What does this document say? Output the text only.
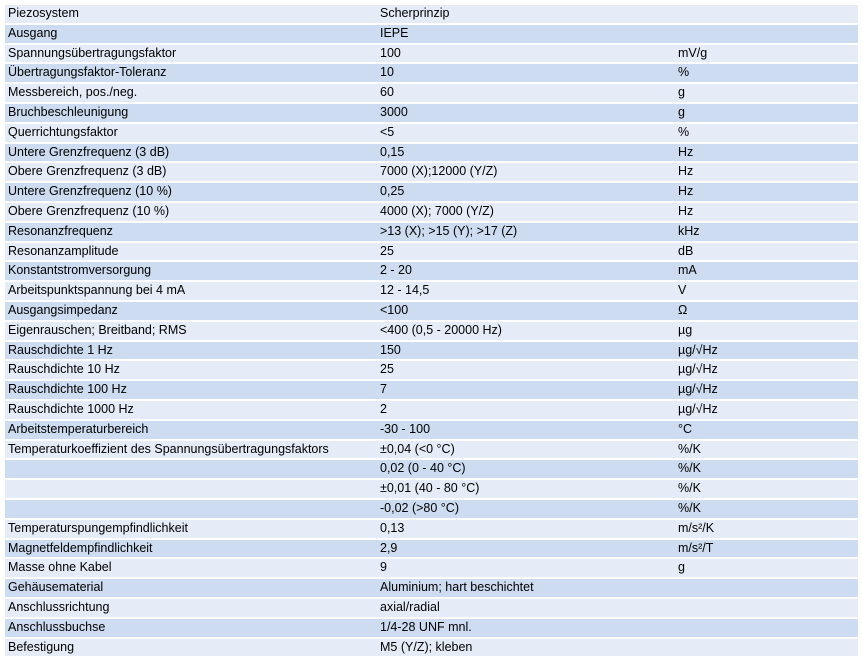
Piezosystem	Scherprinzip	
Ausgang	IEPE	
Spannungsübertragungsfaktor	100	mV/g
Übertragungsfaktor-Toleranz	10	%
Messbereich, pos./neg.	60	g
Bruchbeschleunigung	3000	g
Querrichtungsfaktor	<5	%
Untere Grenzfrequenz (3 dB)	0,15	Hz
Obere Grenzfrequenz (3 dB)	7000 (X);12000 (Y/Z)	Hz
Untere Grenzfrequenz (10 %)	0,25	Hz
Obere Grenzfrequenz (10 %)	4000 (X); 7000 (Y/Z)	Hz
Resonanzfrequenz	>13 (X); >15 (Y); >17 (Z)	kHz
Resonanzamplitude	25	dB
Konstantstromversorgung	2 - 20	mA
Arbeitspunktspannung bei 4 mA	12 - 14,5	V
Ausgangsimpedanz	<100	Ω
Eigenrauschen; Breitband; RMS	<400 (0,5 - 20000 Hz)	µg
Rauschdichte 1 Hz	150	µg/√Hz
Rauschdichte 10 Hz	25	µg/√Hz
Rauschdichte 100 Hz	7	µg/√Hz
Rauschdichte 1000 Hz	2	µg/√Hz
Arbeitstemperaturbereich	-30 - 100	°C
Temperaturkoeffizient des Spannungsübertragungsfaktors	±0,04 (<0 °C)	%/K
	0,02 (0 - 40 °C)	%/K
	±0,01 (40 - 80 °C)	%/K
	-0,02 (>80 °C)	%/K
Temperaturspungempfindlichkeit	0,13	m/s²/K
Magnetfeldempfindlichkeit	2,9	m/s²/T
Masse ohne Kabel	9	g
Gehäusematerial	Aluminium; hart beschichtet	
Anschlussrichtung	axial/radial	
Anschlussbuchse	1/4-28 UNF mnl.	
Befestigung	M5 (Y/Z); kleben	
